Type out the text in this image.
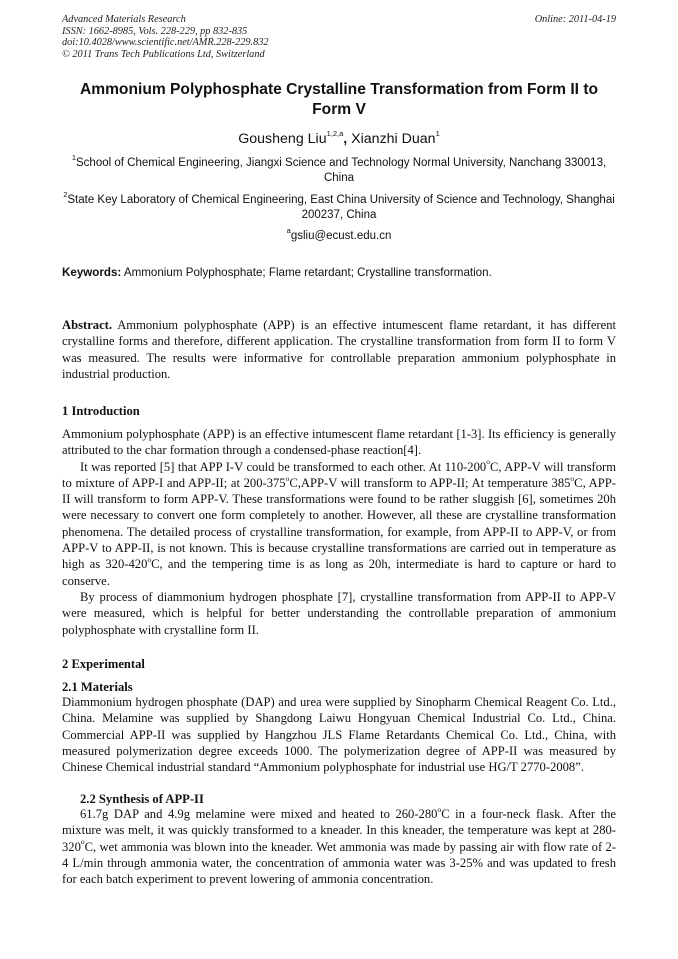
Advanced Materials Research
ISSN: 1662-8985, Vols. 228-229, pp 832-835
doi:10.4028/www.scientific.net/AMR.228-229.832
© 2011 Trans Tech Publications Ltd, Switzerland
Online: 2011-04-19
Ammonium Polyphosphate Crystalline Transformation from Form II to Form V
Gousheng Liu$^{1,2,a}$, Xianzhi Duan$^1$
$^1$School of Chemical Engineering, Jiangxi Science and Technology Normal University, Nanchang 330013, China
$^2$State Key Laboratory of Chemical Engineering, East China University of Science and Technology, Shanghai 200237, China
$^a$gsliu@ecust.edu.cn
Keywords: Ammonium Polyphosphate; Flame retardant; Crystalline transformation.

Abstract. Ammonium polyphosphate (APP) is an effective intumescent flame retardant, it has different crystalline forms and therefore, different application. The crystalline transformation from form II to form V was measured. The results were informative for controllable preparation ammonium polyphosphate in industrial production.

1 Introduction

Ammonium polyphosphate (APP) is an effective intumescent flame retardant [1-3]. Its efficiency is generally attributed to the char formation through a condensed-phase reaction[4].

It was reported [5] that APP I-V could be transformed to each other. At 110-200$^o$C, APP-V will transform to mixture of APP-I and APP-II; at 200-375$^o$C,APP-V will transform to APP-II; At temperature 385$^o$C, APP-II will transform to form APP-V. These transformations were found to be rather sluggish [6], sometimes 20h were necessary to convert one form completely to another. However, all these are crystalline transformation phenomena. The detailed process of crystalline transformation, for example, from APP-II to APP-V, or from APP-V to APP-II, is not known. This is because crystalline transformations are carried out in temperature as high as 320-420$^o$C, and the tempering time is as long as 20h, intermediate is hard to capture or hard to conserve.

By process of diammonium hydrogen phosphate [7], crystalline transformation from APP-II to APP-V were measured, which is helpful for better understanding the controllable preparation of ammonium polyphosphate with crystalline form II.

2 Experimental
2.1 Materials

Diammonium hydrogen phosphate (DAP) and urea were supplied by Sinopharm Chemical Reagent Co. Ltd., China. Melamine was supplied by Shangdong Laiwu Hongyuan Chemical Industrial Co. Ltd., China. Commercial APP-II was supplied by Hangzhou JLS Flame Retardants Chemical Co. Ltd., China, with measured polymerization degree exceeds 1000. The polymerization degree of APP-II was measured by Chinese Chemical industrial standard “Ammonium polyphosphate for industrial use HG/T 2770-2008”.

2.2 Synthesis of APP-II

61.7g DAP and 4.9g melamine were mixed and heated to 260-280$^o$C in a four-neck flask. After the mixture was melt, it was quickly transformed to a kneader. In this kneader, the temperature was kept at 280-320$^o$C, wet ammonia was blown into the kneader. Wet ammonia was made by passing air with flow rate of 2-4 L/min through ammonia water, the concentration of ammonia water was 3-25% and was updated to fresh for each batch experiment to prevent lowering of ammonia concentration.
